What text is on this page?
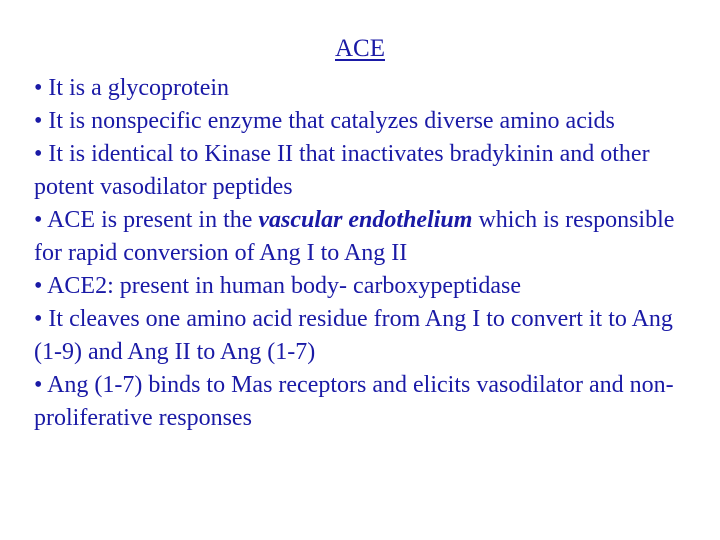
ACE
• It is a glycoprotein
• It is nonspecific enzyme that catalyzes diverse amino acids
• It is identical to Kinase II that inactivates bradykinin and other potent vasodilator peptides
• ACE is present in the vascular endothelium which is responsible for rapid conversion of Ang I to Ang II
• ACE2: present in human body- carboxypeptidase
• It cleaves one amino acid residue from Ang I to convert it to Ang (1-9) and Ang II to Ang (1-7)
• Ang (1-7) binds to Mas receptors and elicits vasodilator and non-proliferative responses
